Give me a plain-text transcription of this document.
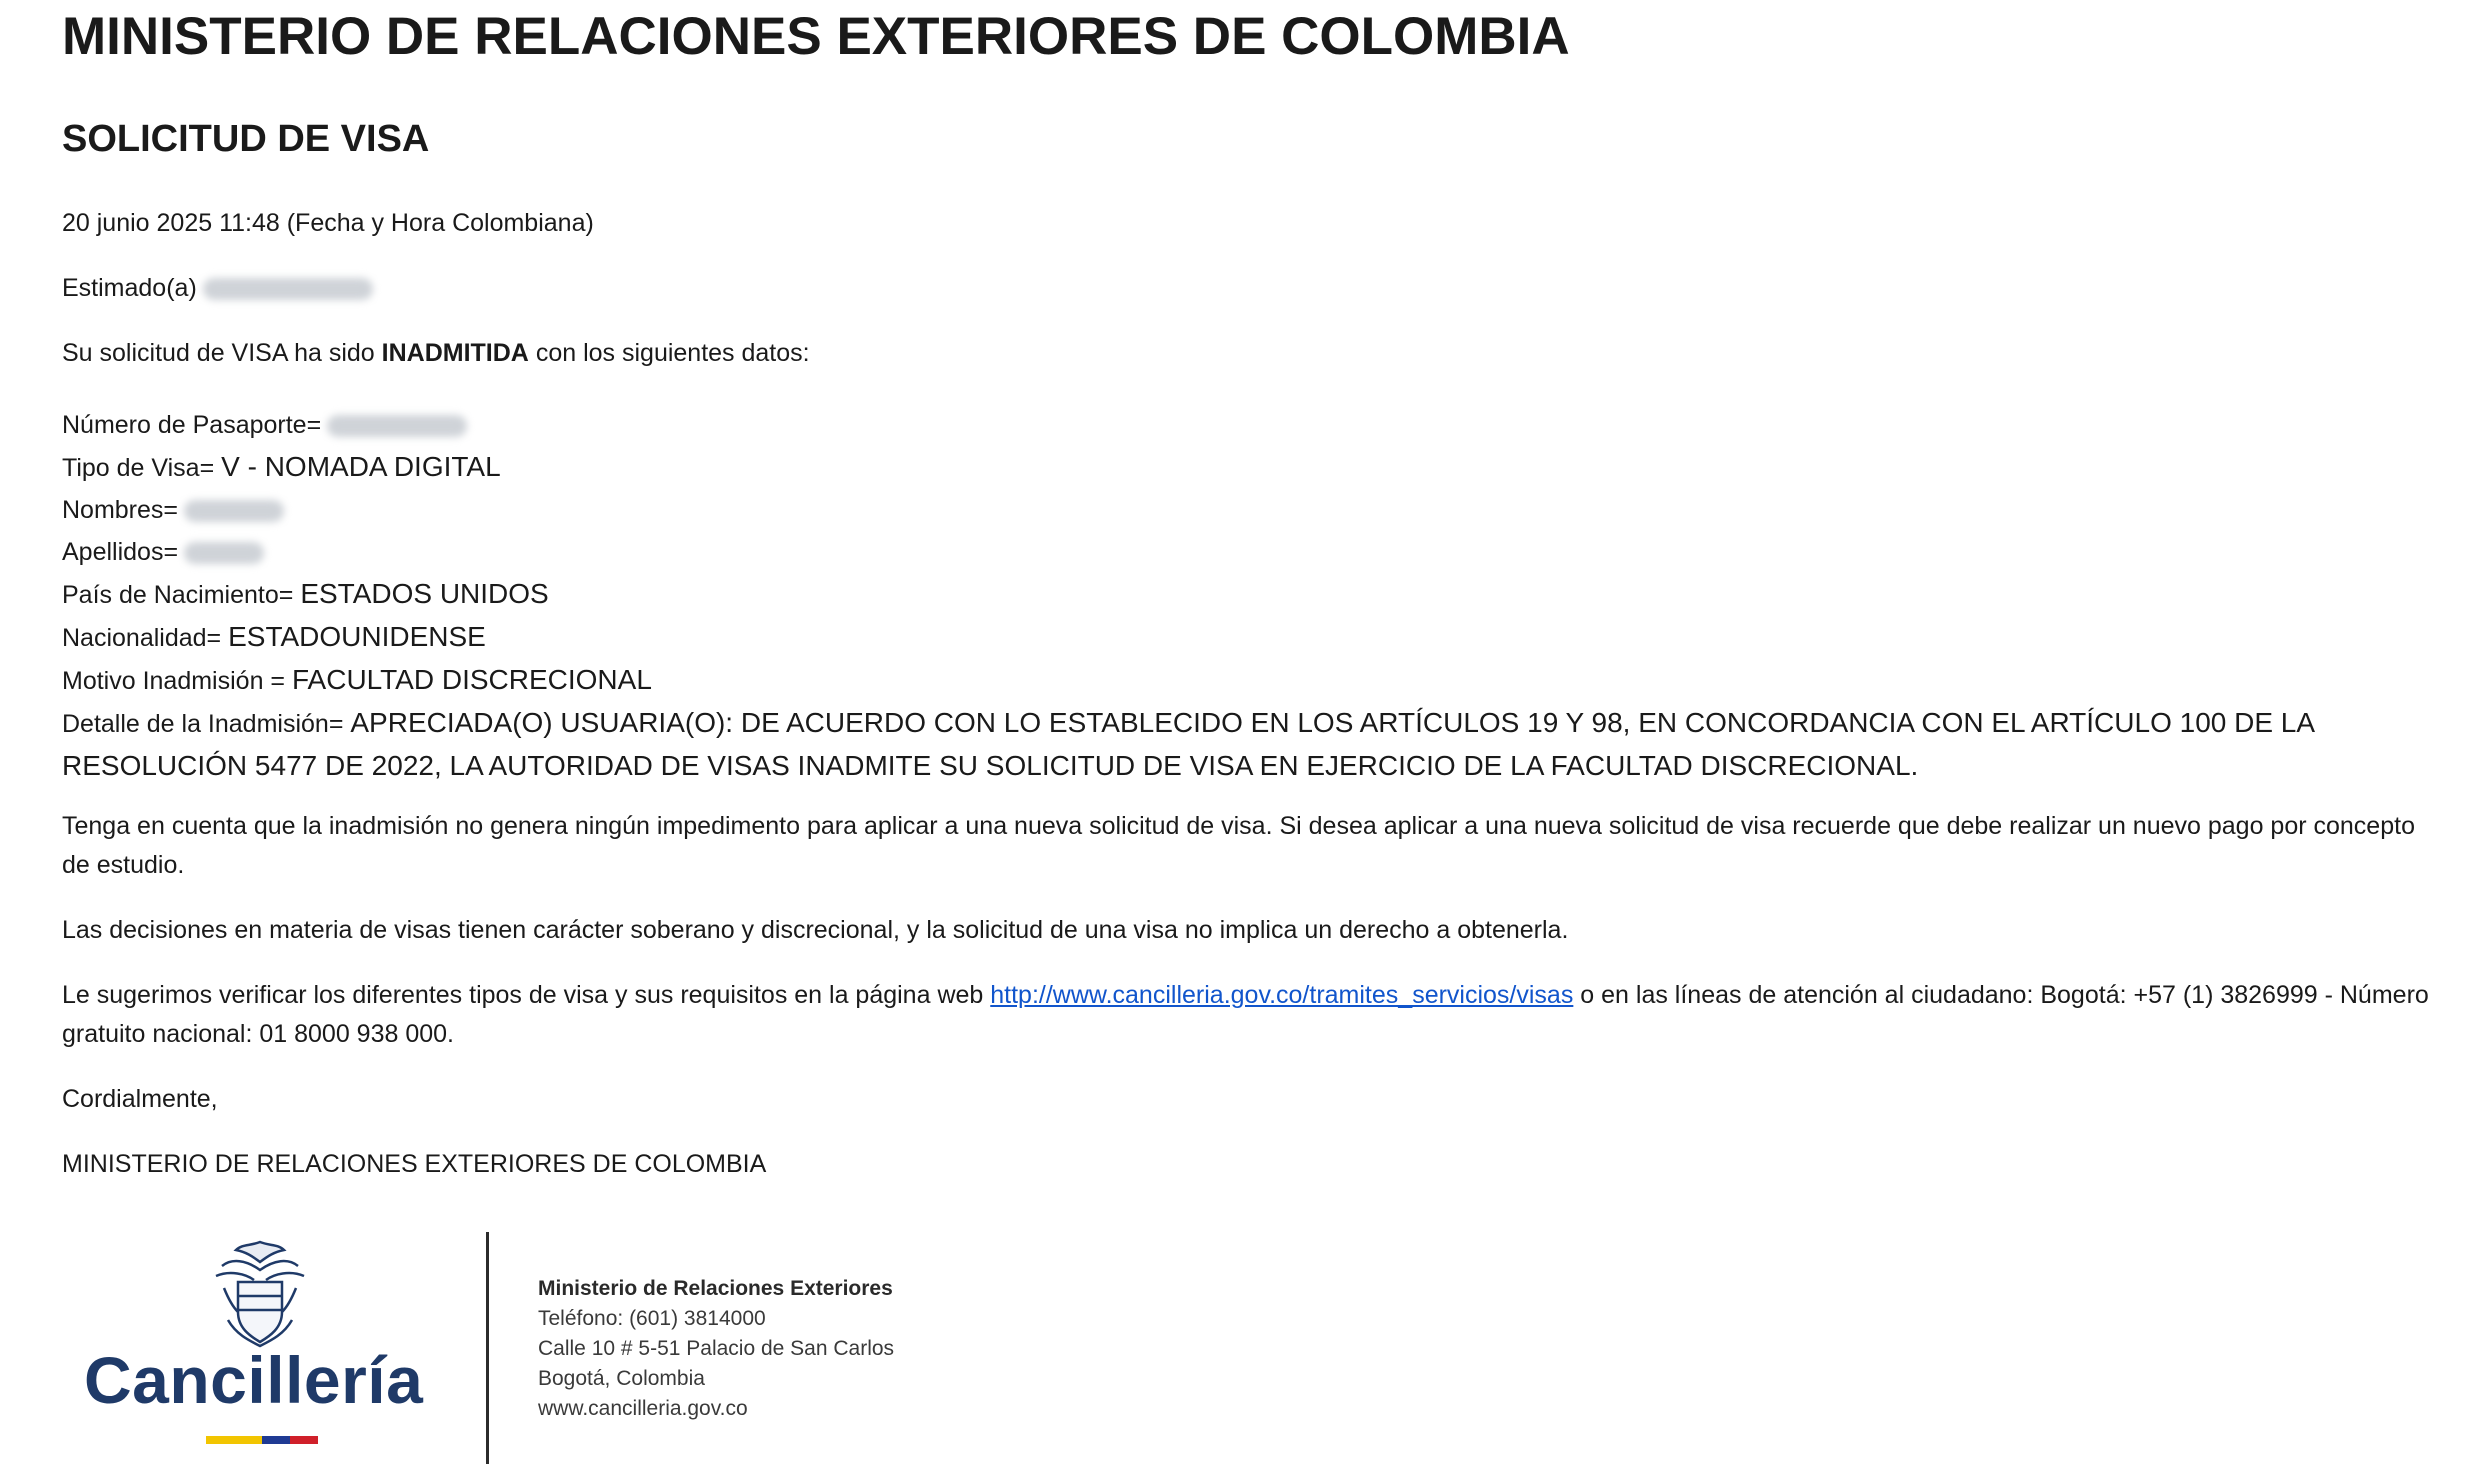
MINISTERIO DE RELACIONES EXTERIORES DE COLOMBIA
SOLICITUD DE VISA
20 junio 2025 11:48 (Fecha y Hora Colombiana)
Estimado(a)
Su solicitud de VISA ha sido INADMITIDA con los siguientes datos:
Número de Pasaporte=
Tipo de Visa= V - NOMADA DIGITAL
Nombres=
Apellidos=
País de Nacimiento= ESTADOS UNIDOS
Nacionalidad= ESTADOUNIDENSE
Motivo Inadmisión = FACULTAD DISCRECIONAL
Detalle de la Inadmisión= APRECIADA(O) USUARIA(O): DE ACUERDO CON LO ESTABLECIDO EN LOS ARTÍCULOS 19 Y 98, EN CONCORDANCIA CON EL ARTÍCULO 100 DE LA RESOLUCIÓN 5477 DE 2022, LA AUTORIDAD DE VISAS INADMITE SU SOLICITUD DE VISA EN EJERCICIO DE LA FACULTAD DISCRECIONAL.
Tenga en cuenta que la inadmisión no genera ningún impedimento para aplicar a una nueva solicitud de visa. Si desea aplicar a una nueva solicitud de visa recuerde que debe realizar un nuevo pago por concepto de estudio.
Las decisiones en materia de visas tienen carácter soberano y discrecional, y la solicitud de una visa no implica un derecho a obtenerla.
Le sugerimos verificar los diferentes tipos de visa y sus requisitos en la página web http://www.cancilleria.gov.co/tramites_servicios/visas o en las líneas de atención al ciudadano: Bogotá: +57 (1) 3826999 - Número gratuito nacional: 01 8000 938 000.
Cordialmente,
MINISTERIO DE RELACIONES EXTERIORES DE COLOMBIA
Cancillería
Ministerio de Relaciones Exteriores
Teléfono: (601) 3814000
Calle 10 # 5-51 Palacio de San Carlos
Bogotá, Colombia
www.cancilleria.gov.co
